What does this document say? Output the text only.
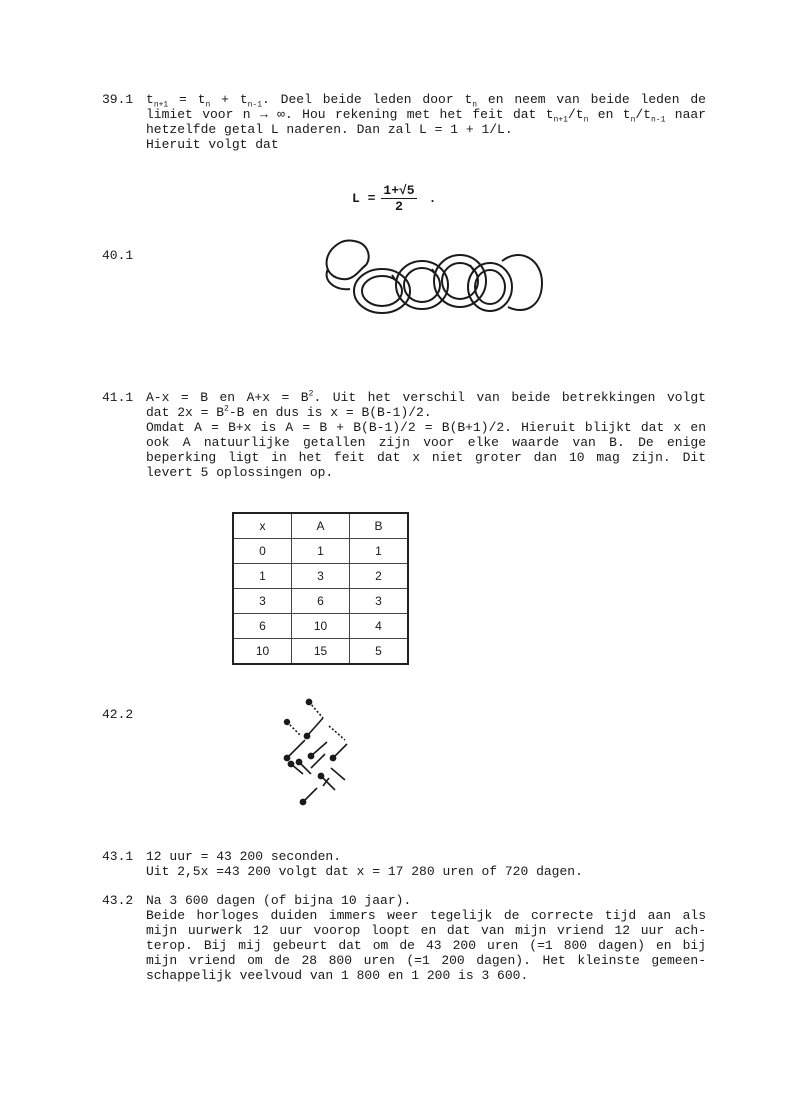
39.1 $t_{n+1} = t_n + t_{n-1}$. Deel beide leden door $t_n$ en neem van beide leden de
limiet voor n → ∞. Hou rekening met het feit dat $t_{n+1}/t_n$ en $t_n/t_{n-1}$ naar
hetzelfde getal L naderen. Dan zal L = 1 + 1/L.
Hieruit volgt dat
$L = \frac{1+√5}{2}$ .
40.1
41.1 A-x = B en $A+x = B^2$. Uit het verschil van beide betrekkingen volgt
dat $2x = B^2-B$ en dus is x = B(B-1)/2.
Omdat A = B+x is A = B + B(B-1)/2 = B(B+1)/2. Hieruit blijkt dat x en
ook A natuurlijke getallen zijn voor elke waarde van B. De enige
beperking ligt in het feit dat x niet groter dan 10 mag zijn. Dit
levert 5 oplossingen op.
x	A	B
0	1	1
1	3	2
3	6	3
6	10	4
10	15	5
42.2
43.1 12 uur = 43 200 seconden.
Uit 2,5x =43 200 volgt dat x = 17 280 uren of 720 dagen.
43.2 Na 3 600 dagen (of bijna 10 jaar).
Beide horloges duiden immers weer tegelijk de correcte tijd aan als
mijn uurwerk 12 uur voorop loopt en dat van mijn vriend 12 uur ach-
terop. Bij mij gebeurt dat om de 43 200 uren (=1 800 dagen) en bij
mijn vriend om de 28 800 uren (=1 200 dagen). Het kleinste gemeen-
schappelijk veelvoud van 1 800 en 1 200 is 3 600.
